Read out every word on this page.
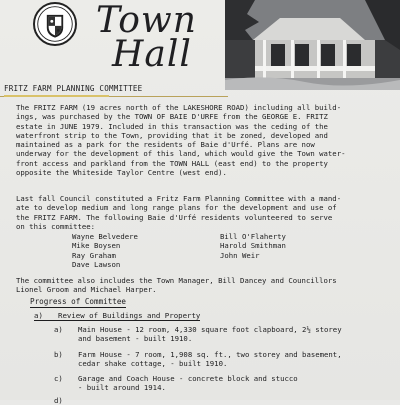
Town
Hall
FRITZ FARM PLANNING COMMITTEE

The FRITZ FARM (19 acres north of the LAKESHORE ROAD) including all build-
ings, was purchased by the TOWN OF BAIE D'URFE from the GEORGE E. FRITZ
estate in JUNE 1979. Included in this transaction was the ceding of the
waterfront strip to the Town, providing that it be zoned, developed and
maintained as a park for the residents of Baie d'Urfé. Plans are now
underway for the development of this land, which would give the Town water-
front access and parkland from the TOWN HALL (east end) to the property
opposite the Whiteside Taylor Centre (west end).

Last fall Council constituted a Fritz Farm Planning Committee with a mand-
ate to develop medium and long range plans for the development and use of
the FRITZ FARM. The following Baie d'Urfé residents volunteered to serve
on this committee:

Wayne Belvedere
Mike Boysen
Ray Graham
Dave Lawson
Bill O'Flaherty
Harold Smithman
John Weir

The committee also includes the Town Manager, Bill Dancey and Councillors
Lionel Groom and Michael Harper.

Progress of Committee
a) Review of Buildings and Property
a) Main House - 12 room, 4,330 square foot clapboard, 2½ storey
and basement - built 1910.
b) Farm House - 7 room, 1,908 sq. ft., two storey and basement,
cedar shake cottage, - built 1910.
c) Garage and Coach House - concrete block and stucco
- built around 1914.
d)
